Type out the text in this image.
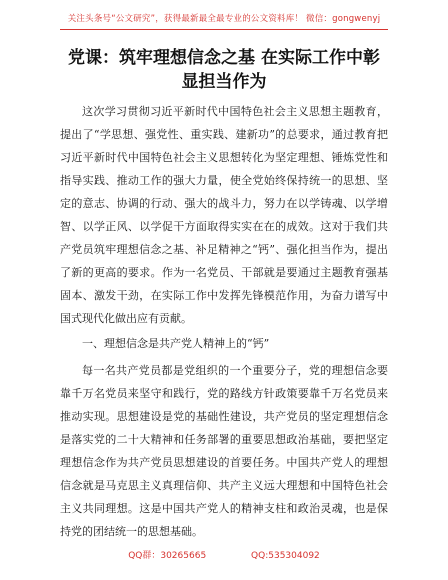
关注头条号“公文研究”，获得最新最全最专业的公文资料库！ 微信：gongwenyj
党课：筑牢理想信念之基 在实际工作中彰显担当作为

这次学习贯彻习近平新时代中国特色社会主义思想主题教育，提出了“学思想、强党性、重实践、建新功”的总要求，通过教育把习近平新时代中国特色社会主义思想转化为坚定理想、锤炼党性和指导实践、推动工作的强大力量，使全党始终保持统一的思想、坚定的意志、协调的行动、强大的战斗力，努力在以学铸魂、以学增智、以学正风、以学促干方面取得实实在在的成效。这对于我们共产党员筑牢理想信念之基、补足精神之“钙”、强化担当作为，提出了新的更高的要求。作为一名党员、干部就是要通过主题教育强基固本、激发干劲，在实际工作中发挥先锋模范作用，为奋力谱写中国式现代化做出应有贡献。

一、理想信念是共产党人精神上的“钙”

每一名共产党员都是党组织的一个重要分子，党的理想信念要靠千万名党员来坚守和践行，党的路线方针政策要靠千万名党员来推动实现。思想建设是党的基础性建设，共产党员的坚定理想信念是落实党的二十大精神和任务部署的重要思想政治基础，要把坚定理想信念作为共产党员思想建设的首要任务。中国共产党人的理想信念就是马克思主义真理信仰、共产主义远大理想和中国特色社会主义共同理想。这是中国共产党人的精神支柱和政治灵魂，也是保持党的团结统一的思想基础。

QQ群：30265665	QQ:535304092
